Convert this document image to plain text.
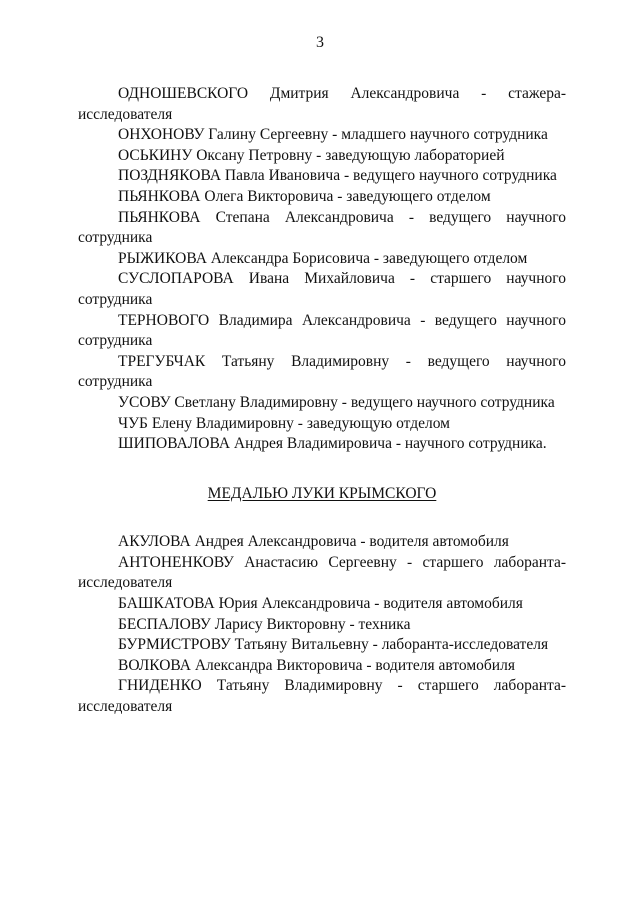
3

ОДНОШЕВСКОГО Дмитрия Александровича - стажера-исследователя

ОНХОНОВУ Галину Сергеевну - младшего научного сотрудника

ОСЬКИНУ Оксану Петровну - заведующую лабораторией

ПОЗДНЯКОВА Павла Ивановича - ведущего научного сотрудника

ПЬЯНКОВА Олега Викторовича - заведующего отделом

ПЬЯНКОВА Степана Александровича - ведущего научного сотрудника

РЫЖИКОВА Александра Борисовича - заведующего отделом

СУСЛОПАРОВА Ивана Михайловича - старшего научного сотрудника

ТЕРНОВОГО Владимира Александровича - ведущего научного сотрудника

ТРЕГУБЧАК Татьяну Владимировну - ведущего научного сотрудника

УСОВУ Светлану Владимировну - ведущего научного сотрудника

ЧУБ Елену Владимировну - заведующую отделом

ШИПОВАЛОВА Андрея Владимировича - научного сотрудника.

МЕДАЛЬЮ ЛУКИ КРЫМСКОГО

АКУЛОВА Андрея Александровича - водителя автомобиля

АНТОНЕНКОВУ Анастасию Сергеевну - старшего лаборанта-исследователя

БАШКАТОВА Юрия Александровича - водителя автомобиля

БЕСПАЛОВУ Ларису Викторовну - техника

БУРМИСТРОВУ Татьяну Витальевну - лаборанта-исследователя

ВОЛКОВА Александра Викторовича - водителя автомобиля

ГНИДЕНКО Татьяну Владимировну - старшего лаборанта-исследователя
